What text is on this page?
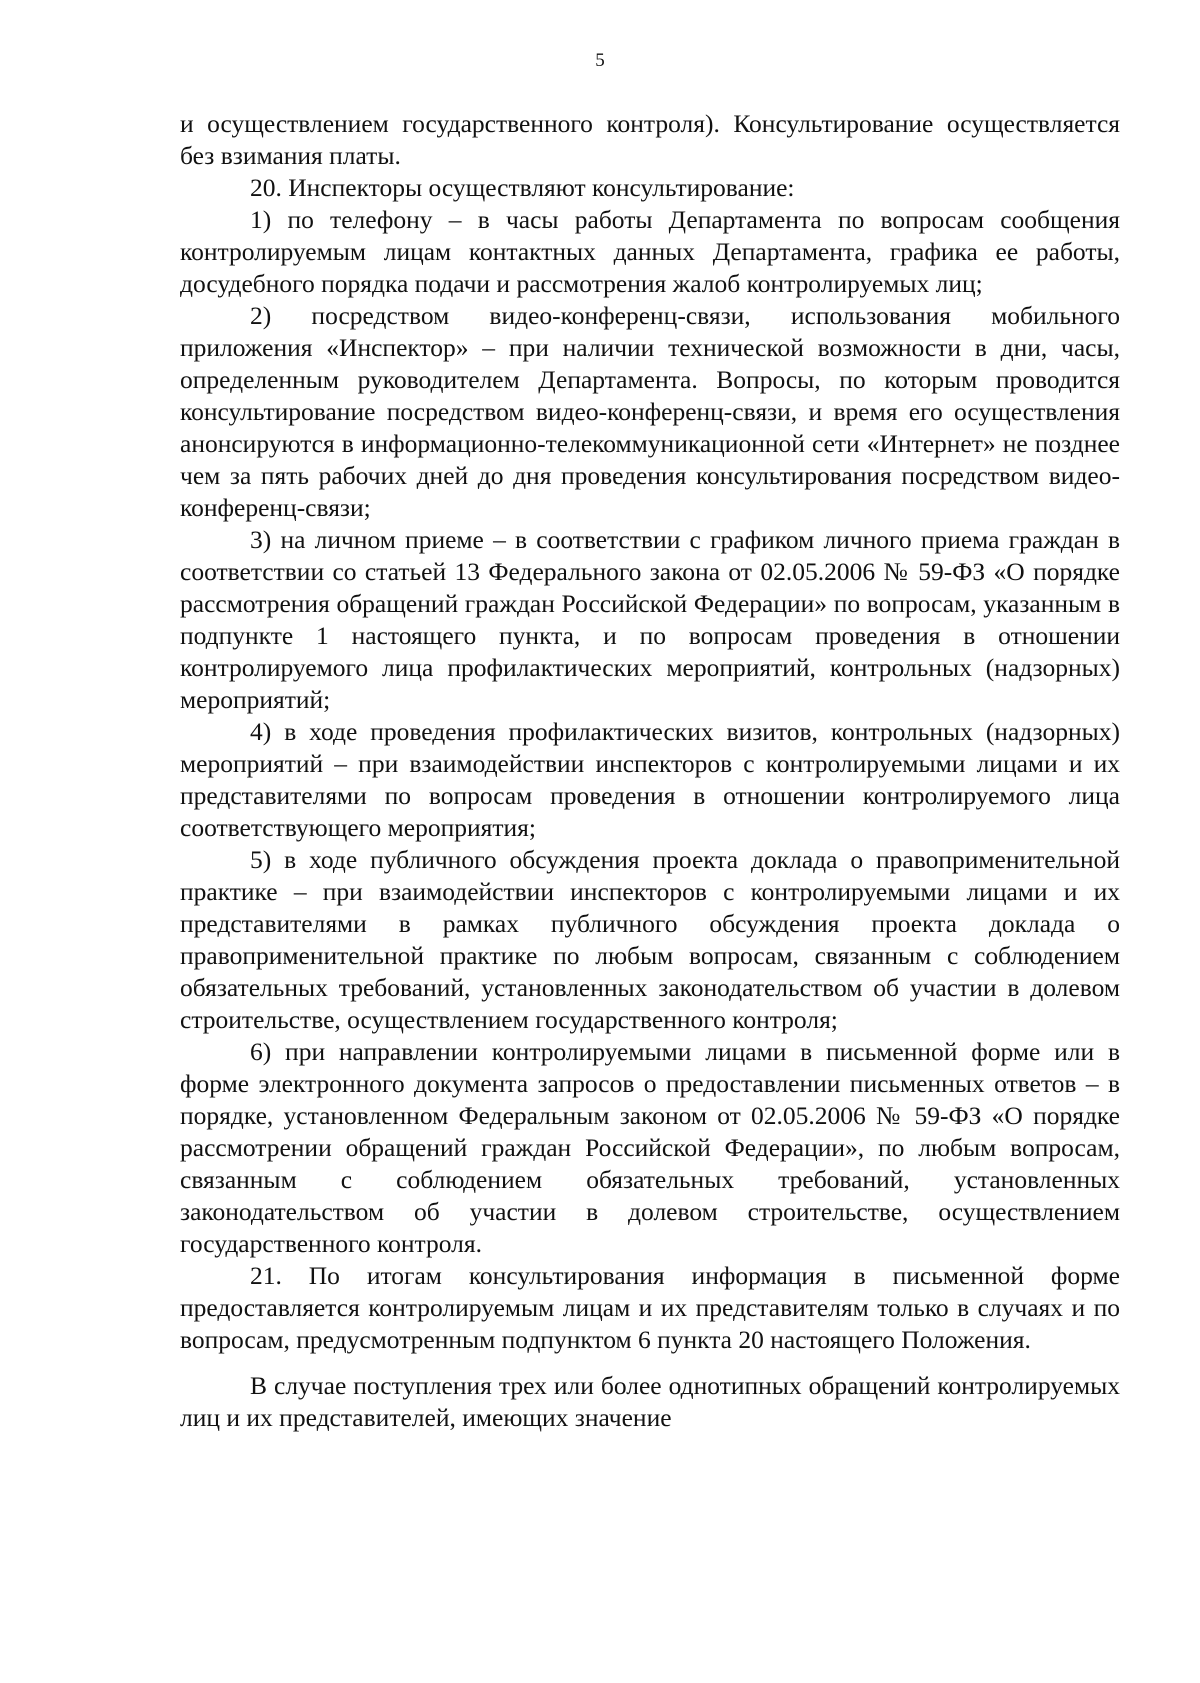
5

и осуществлением государственного контроля). Консультирование осуществляется без взимания платы.

20. Инспекторы осуществляют консультирование:

1) по телефону – в часы работы Департамента по вопросам сообщения контролируемым лицам контактных данных Департамента, графика ее работы, досудебного порядка подачи и рассмотрения жалоб контролируемых лиц;

2) посредством видео-конференц-связи, использования мобильного приложения «Инспектор» – при наличии технической возможности в дни, часы, определенным руководителем Департамента. Вопросы, по которым проводится консультирование посредством видео-конференц-связи, и время его осуществления анонсируются в информационно-телекоммуникационной сети «Интернет» не позднее чем за пять рабочих дней до дня проведения консультирования посредством видео-конференц-связи;

3) на личном приеме – в соответствии с графиком личного приема граждан в соответствии со статьей 13 Федерального закона от 02.05.2006 № 59-ФЗ «О порядке рассмотрения обращений граждан Российской Федерации» по вопросам, указанным в подпункте 1 настоящего пункта, и по вопросам проведения в отношении контролируемого лица профилактических мероприятий, контрольных (надзорных) мероприятий;

4) в ходе проведения профилактических визитов, контрольных (надзорных) мероприятий – при взаимодействии инспекторов с контролируемыми лицами и их представителями по вопросам проведения в отношении контролируемого лица соответствующего мероприятия;

5) в ходе публичного обсуждения проекта доклада о правоприменительной практике – при взаимодействии инспекторов с контролируемыми лицами и их представителями в рамках публичного обсуждения проекта доклада о правоприменительной практике по любым вопросам, связанным с соблюдением обязательных требований, установленных законодательством об участии в долевом строительстве, осуществлением государственного контроля;

6) при направлении контролируемыми лицами в письменной форме или в форме электронного документа запросов о предоставлении письменных ответов – в порядке, установленном Федеральным законом от 02.05.2006 № 59-ФЗ «О порядке рассмотрении обращений граждан Российской Федерации», по любым вопросам, связанным с соблюдением обязательных требований, установленных законодательством об участии в долевом строительстве, осуществлением государственного контроля.

21. По итогам консультирования информация в письменной форме предоставляется контролируемым лицам и их представителям только в случаях и по вопросам, предусмотренным подпунктом 6 пункта 20 настоящего Положения.

В случае поступления трех или более однотипных обращений контролируемых лиц и их представителей, имеющих значение
